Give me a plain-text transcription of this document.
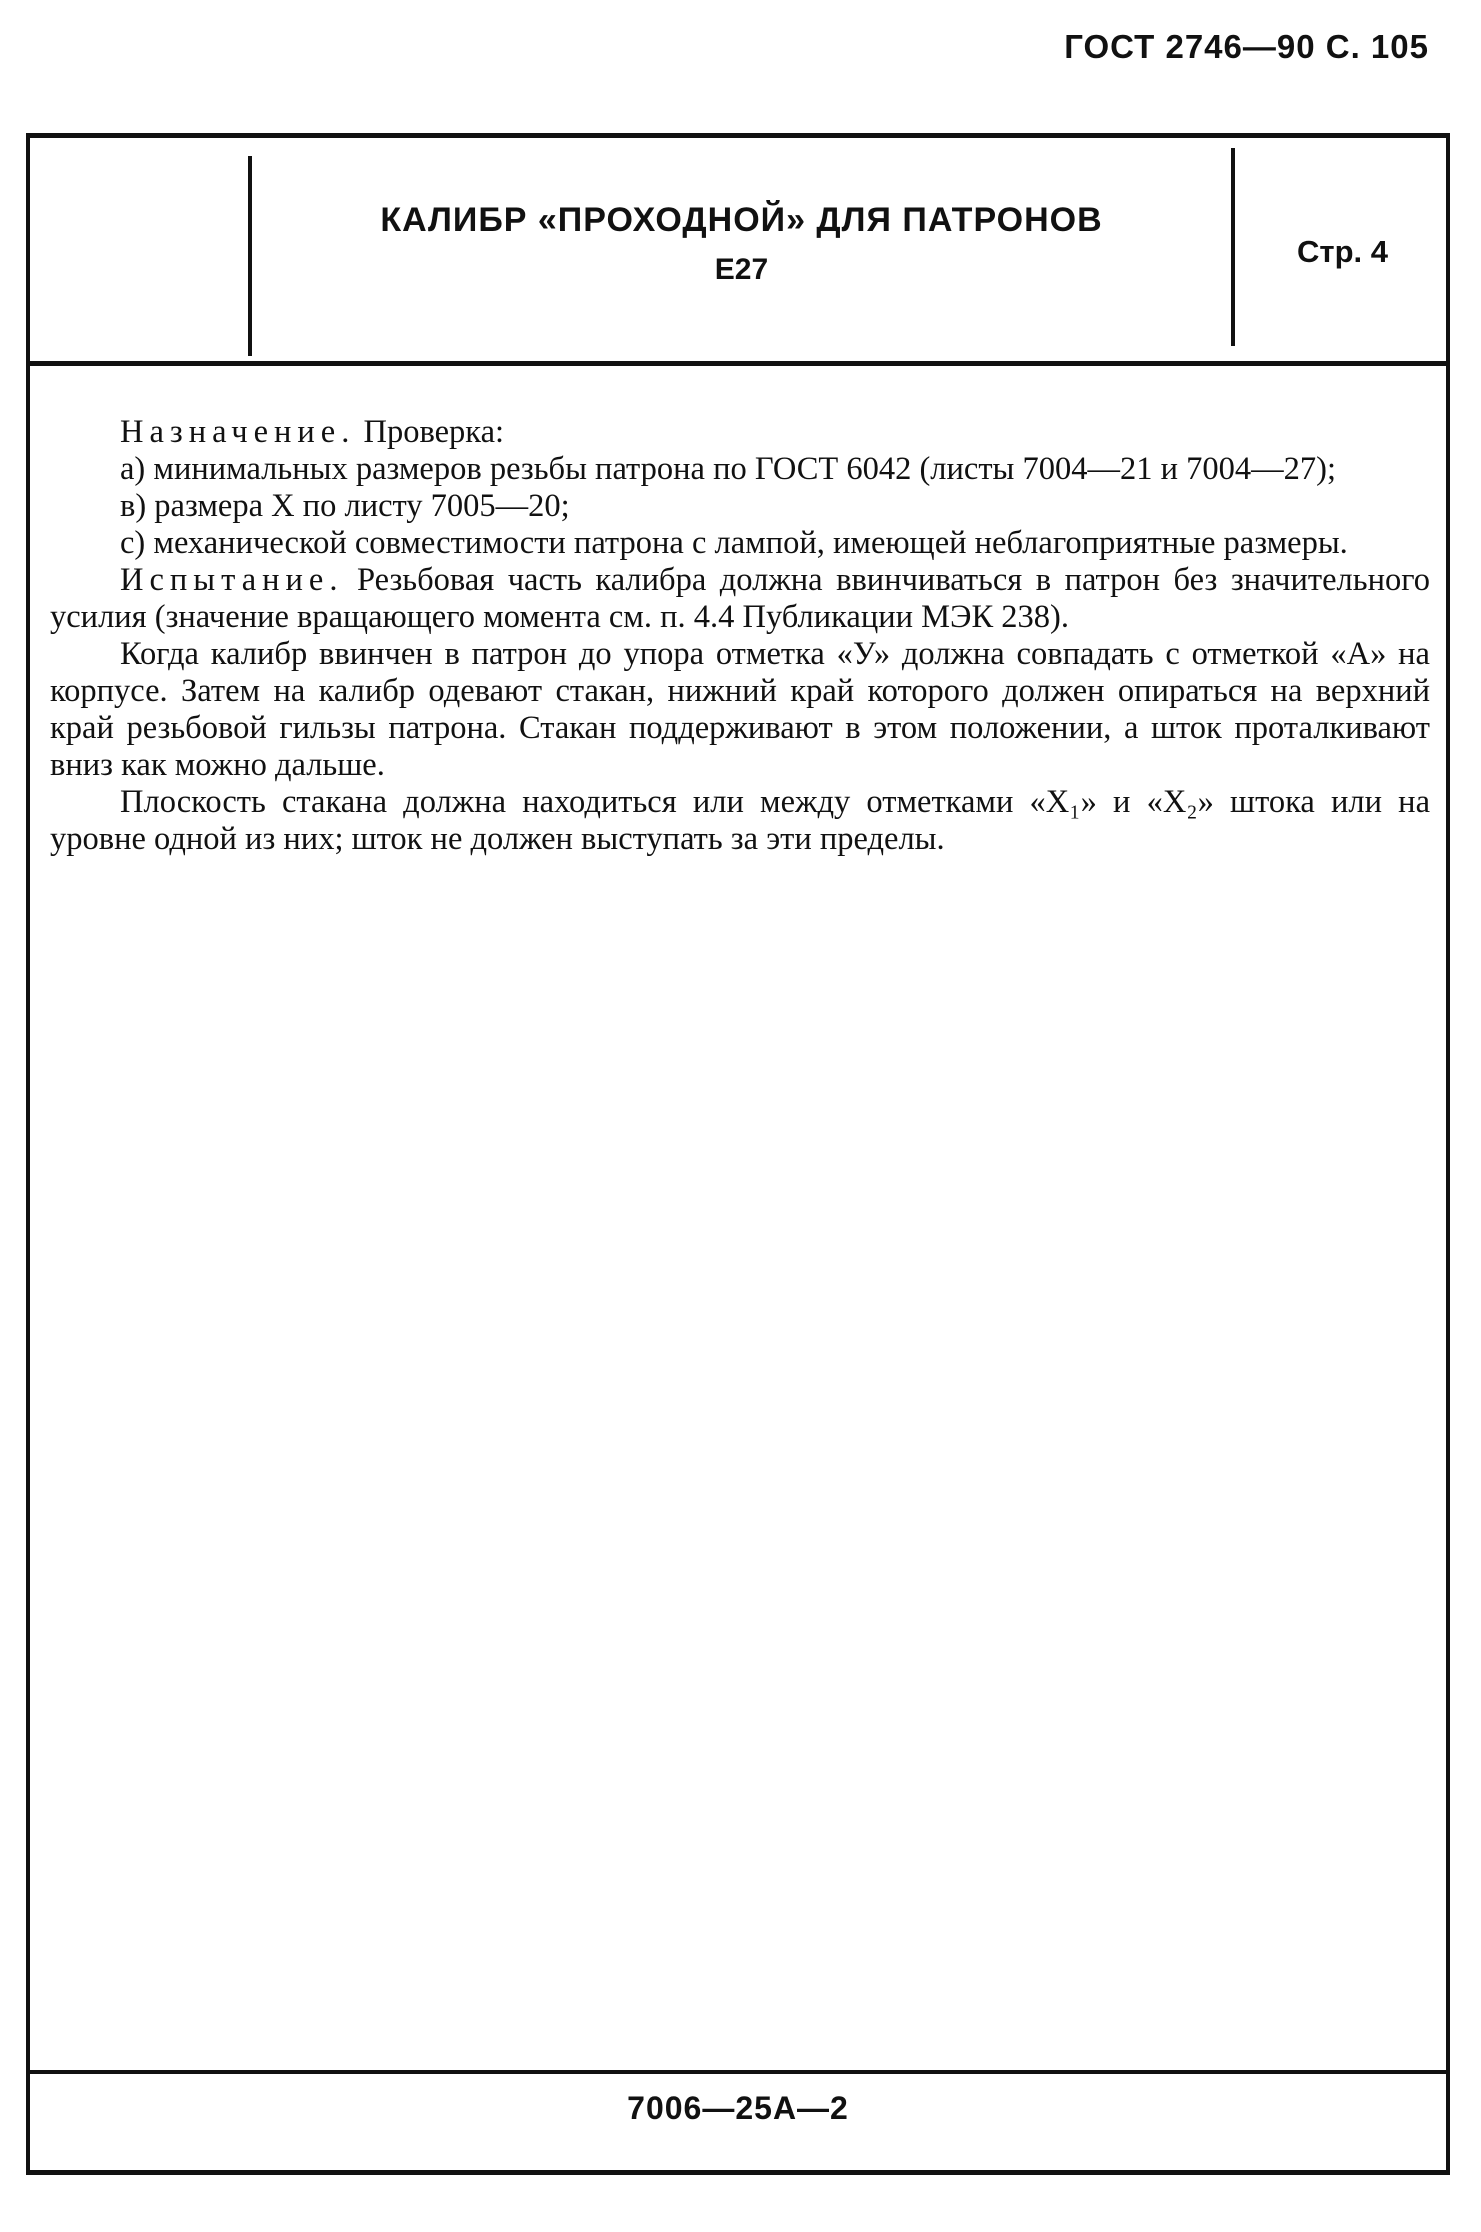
ГОСТ 2746—90 С. 105
КАЛИБР «ПРОХОДНОЙ» ДЛЯ ПАТРОНОВ
E27
Стр. 4

Назначение. Проверка:

а) минимальных размеров резьбы патрона по ГОСТ 6042 (листы 7004—21 и 7004—27);

в) размера X по листу 7005—20;

с) механической совместимости патрона с лампой, имеющей неблагоприятные размеры.

Испытание. Резьбовая часть калибра должна ввинчиваться в патрон без значительного усилия (значение вращающего момента см. п. 4.4 Публикации МЭК 238).

Когда калибр ввинчен в патрон до упора отметка «У» должна совпадать с отметкой «А» на корпусе. Затем на калибр одевают стакан, нижний край которого должен опираться на верхний край резьбовой гильзы патрона. Стакан поддерживают в этом положении, а шток проталкивают вниз как можно дальше.

Плоскость стакана должна находиться или между отметками «X₁» и «X₂» штока или на уровне одной из них; шток не должен выступать за эти пределы.

7006—25А—2
